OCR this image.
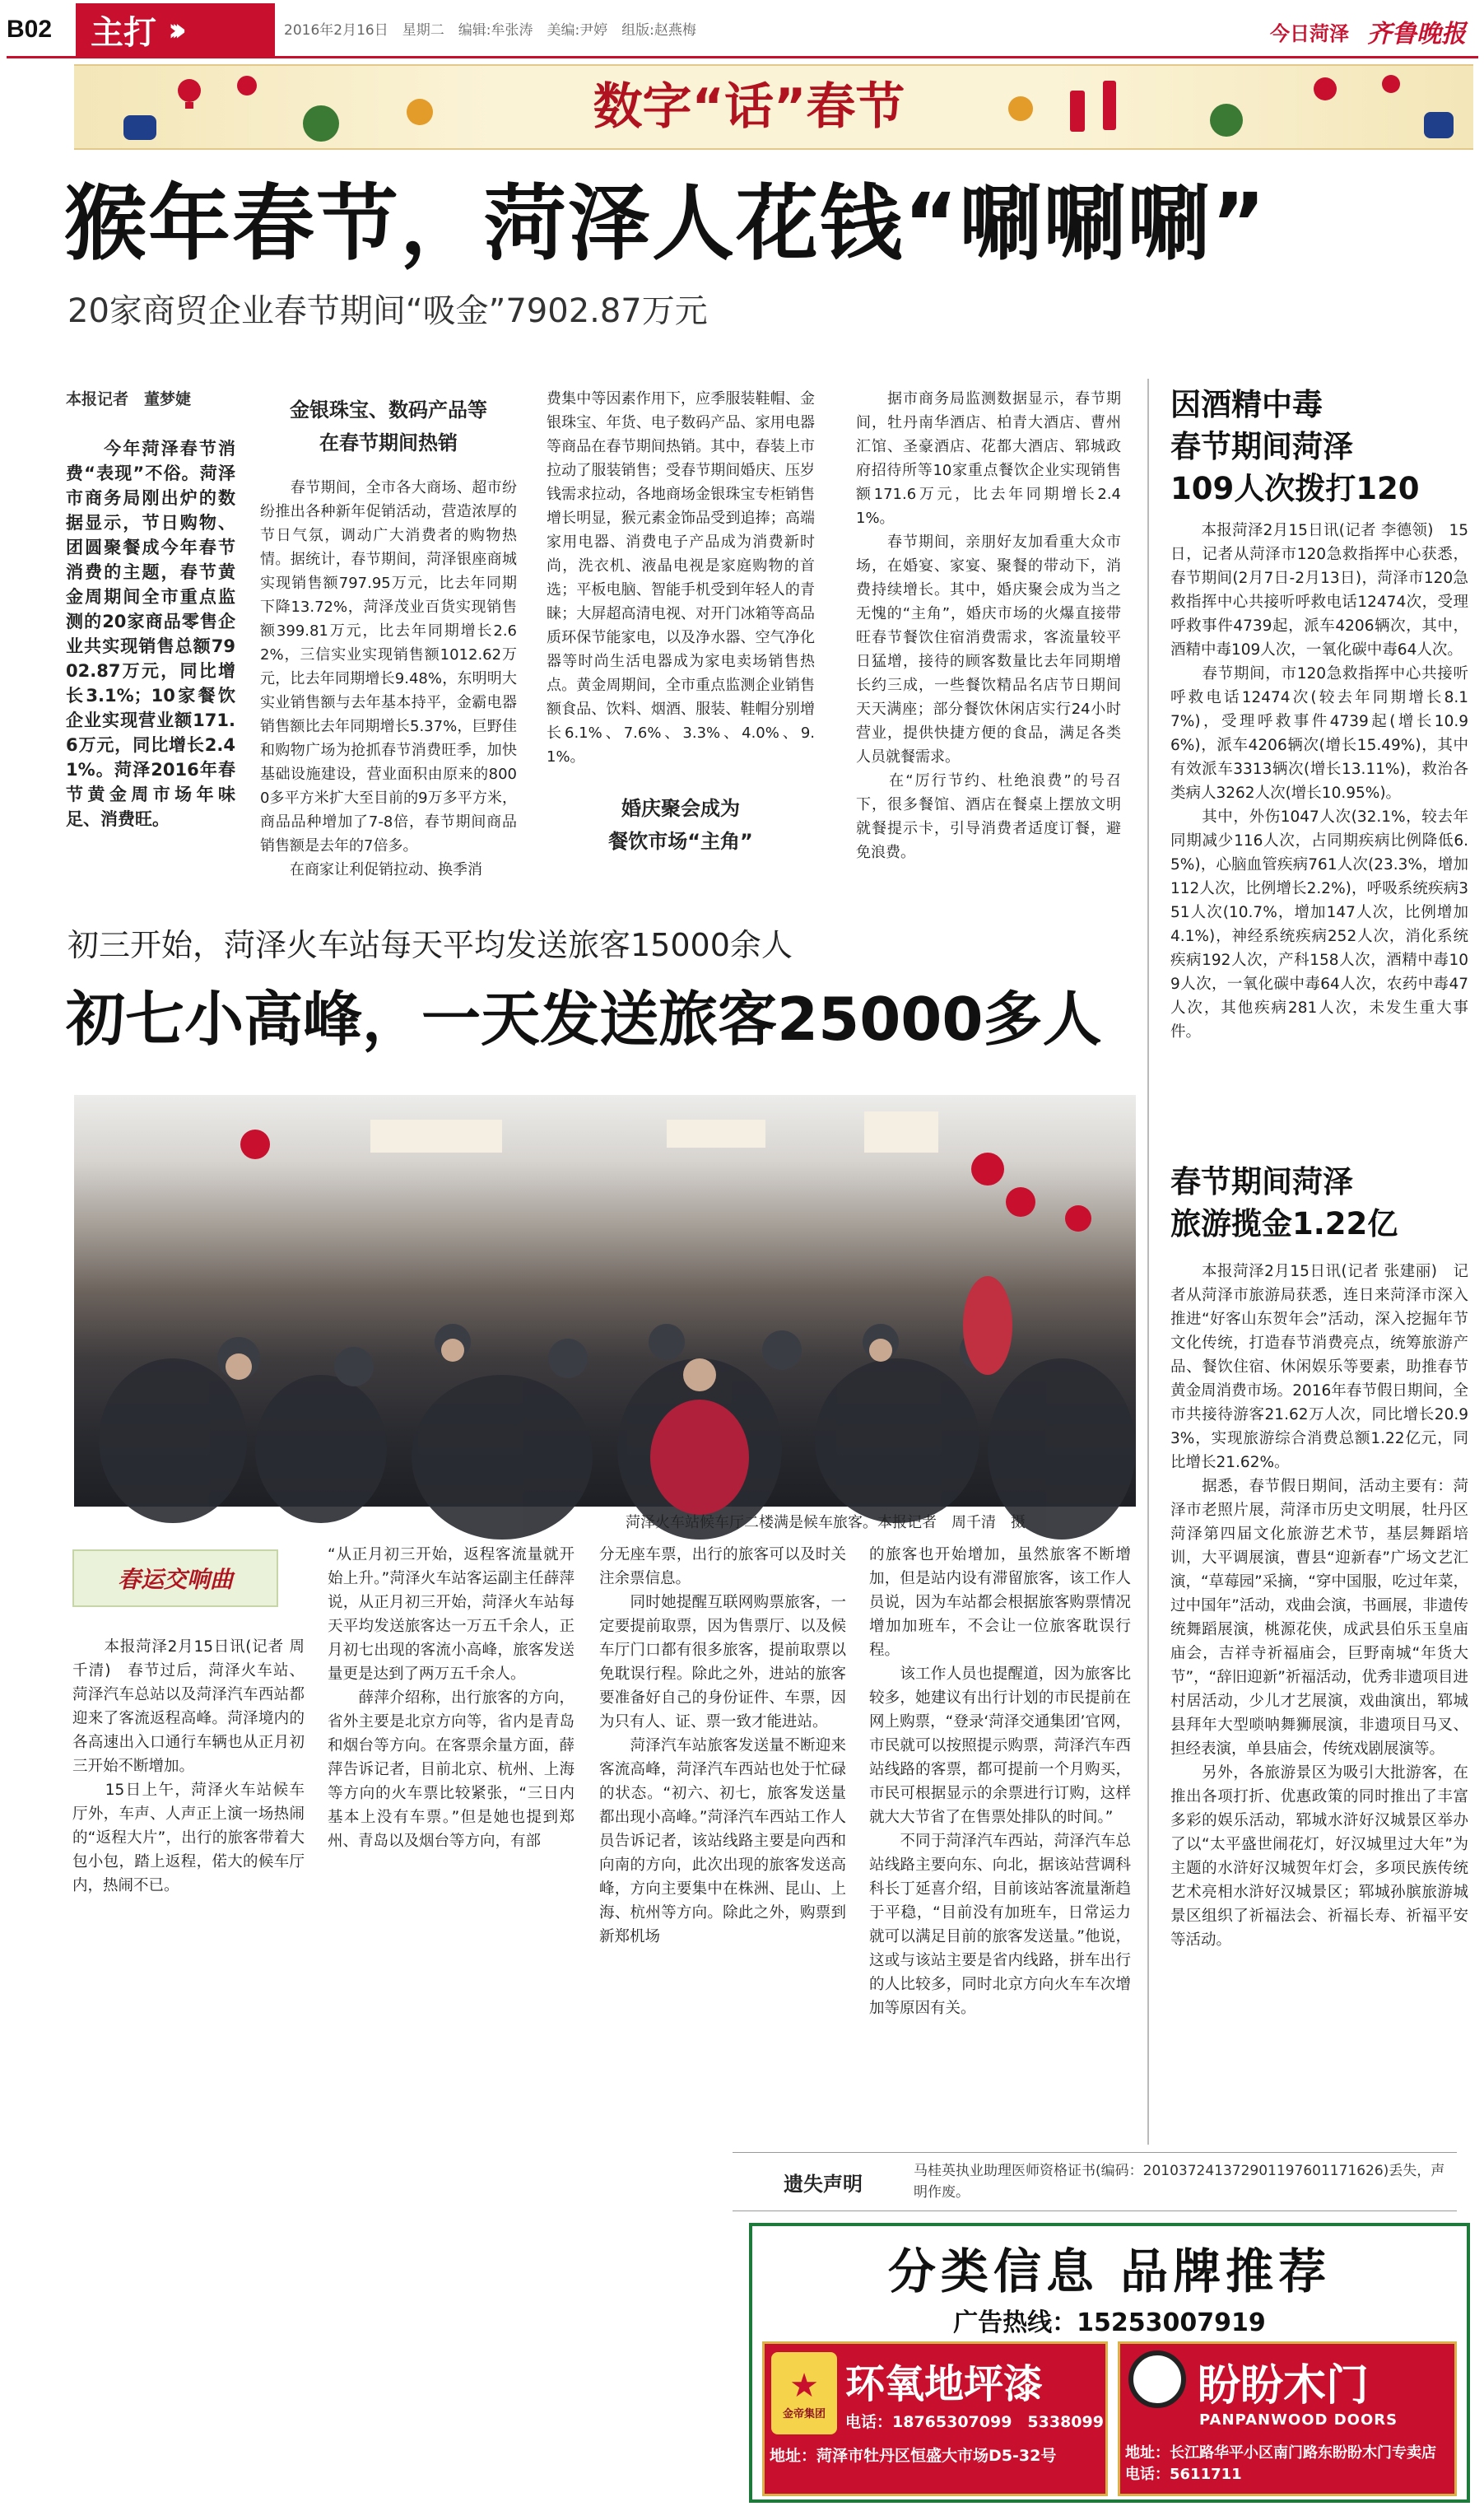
B02	主打 ›››	2016年2月16日　星期二　编辑:牟张涛　美编:尹婷　组版:赵燕梅	今日菏泽 齐鲁晚报
数字“话”春节
猴年春节，菏泽人花钱“唰唰唰”
20家商贸企业春节期间“吸金”7902.87万元
本报记者　董梦婕
　　今年菏泽春节消费“表现”不俗。菏泽市商务局刚出炉的数据显示，节日购物、团圆聚餐成今年春节消费的主题，春节黄金周期间全市重点监测的20家商品零售企业共实现销售总额7902.87万元，同比增长3.1%；10家餐饮企业实现营业额171.6万元，同比增长2.41%。菏泽2016年春节黄金周市场年味足、消费旺。
金银珠宝、数码产品等
在春节期间热销
　　春节期间，全市各大商场、超市纷纷推出各种新年促销活动，营造浓厚的节日气氛，调动广大消费者的购物热情。据统计，春节期间，菏泽银座商城实现销售额797.95万元，比去年同期下降13.72%，菏泽茂业百货实现销售额399.81万元，比去年同期增长2.62%，三信实业实现销售额1012.62万元，比去年同期增长9.48%，东明明大实业销售额与去年基本持平，金霸电器销售额比去年同期增长5.37%，巨野佳和购物广场为抢抓春节消费旺季，加快基础设施建设，营业面积由原来的8000多平方米扩大至目前的9万多平方米，商品品种增加了7-8倍，春节期间商品销售额是去年的7倍多。
　　在商家让利促销拉动、换季消
费集中等因素作用下，应季服装鞋帽、金银珠宝、年货、电子数码产品、家用电器等商品在春节期间热销。其中，春装上市拉动了服装销售；受春节期间婚庆、压岁钱需求拉动，各地商场金银珠宝专柜销售增长明显，猴元素金饰品受到追捧；高端家用电器、消费电子产品成为消费新时尚，洗衣机、液晶电视是家庭购物的首选；平板电脑、智能手机受到年轻人的青睐；大屏超高清电视、对开门冰箱等高品质环保节能家电，以及净水器、空气净化器等时尚生活电器成为家电卖场销售热点。黄金周期间，全市重点监测企业销售额食品、饮料、烟酒、服装、鞋帽分别增长6.1%、7.6%、3.3%、4.0%、9.1%。
婚庆聚会成为
餐饮市场“主角”
　　据市商务局监测数据显示，春节期间，牡丹南华酒店、柏青大酒店、曹州汇馆、圣豪酒店、花都大酒店、郓城政府招待所等10家重点餐饮企业实现销售额171.6万元，比去年同期增长2.41%。
　　春节期间，亲朋好友加看重大众市场，在婚宴、家宴、聚餐的带动下，消费持续增长。其中，婚庆聚会成为当之无愧的“主角”，婚庆市场的火爆直接带旺春节餐饮住宿消费需求，客流量较平日猛增，接待的顾客数量比去年同期增长约三成，一些餐饮精品名店节日期间天天满座；部分餐饮休闲店实行24小时营业，提供快捷方便的食品，满足各类人员就餐需求。
　　在“厉行节约、杜绝浪费”的号召下，很多餐馆、酒店在餐桌上摆放文明就餐提示卡，引导消费者适度订餐，避免浪费。
因酒精中毒
春节期间菏泽
109人次拨打120
　　本报菏泽2月15日讯(记者 李德领)　15日，记者从菏泽市120急救指挥中心获悉，春节期间(2月7日-2月13日)，菏泽市120急救指挥中心共接听呼救电话12474次，受理呼救事件4739起，派车4206辆次，其中，酒精中毒109人次，一氧化碳中毒64人次。
　　春节期间，市120急救指挥中心共接听呼救电话12474次(较去年同期增长8.17%)，受理呼救事件4739起(增长10.96%)，派车4206辆次(增长15.49%)，其中有效派车3313辆次(增长13.11%)，救治各类病人3262人次(增长10.95%)。
　　其中，外伤1047人次(32.1%，较去年同期减少116人次，占同期疾病比例降低6.5%)，心脑血管疾病761人次(23.3%，增加112人次，比例增长2.2%)，呼吸系统疾病351人次(10.7%，增加147人次，比例增加4.1%)，神经系统疾病252人次，消化系统疾病192人次，产科158人次，酒精中毒109人次，一氧化碳中毒64人次，农药中毒47人次，其他疾病281人次，未发生重大事件。
春节期间菏泽
旅游揽金1.22亿
　　本报菏泽2月15日讯(记者 张建丽)　记者从菏泽市旅游局获悉，连日来菏泽市深入推进“好客山东贺年会”活动，深入挖掘年节文化传统，打造春节消费亮点，统筹旅游产品、餐饮住宿、休闲娱乐等要素，助推春节黄金周消费市场。2016年春节假日期间，全市共接待游客21.62万人次，同比增长20.93%，实现旅游综合消费总额1.22亿元，同比增长21.62%。
　　据悉，春节假日期间，活动主要有：菏泽市老照片展，菏泽市历史文明展，牡丹区菏泽第四届文化旅游艺术节，基层舞蹈培训，大平调展演，曹县“迎新春”广场文艺汇演，“草莓园”采摘，“穿中国服，吃过年菜，过中国年”活动，戏曲会演，书画展，非遗传统舞蹈展演，桃源花侠，成武县伯乐玉皇庙庙会，吉祥寺祈福庙会，巨野南城“年货大节”，“辞旧迎新”祈福活动，优秀非遗项目进村居活动，少儿才艺展演，戏曲演出，郓城县拜年大型唢呐舞狮展演，非遗项目马叉、担经表演，单县庙会，传统戏剧展演等。
　　另外，各旅游景区为吸引大批游客，在推出各项打折、优惠政策的同时推出了丰富多彩的娱乐活动，郓城水浒好汉城景区举办了以“太平盛世闹花灯，好汉城里过大年”为主题的水浒好汉城贺年灯会，多项民族传统艺术亮相水浒好汉城景区；郓城孙膑旅游城景区组织了祈福法会、祈福长寿、祈福平安等活动。
初三开始，菏泽火车站每天平均发送旅客15000余人
初七小高峰，一天发送旅客25000多人
菏泽火车站候车厅二楼满是候车旅客。本报记者　周千清　摄
春运交响曲
　　本报菏泽2月15日讯(记者 周千清)　春节过后，菏泽火车站、菏泽汽车总站以及菏泽汽车西站都迎来了客流返程高峰。菏泽境内的各高速出入口通行车辆也从正月初三开始不断增加。
　　15日上午，菏泽火车站候车厅外，车声、人声正上演一场热闹的“返程大片”，出行的旅客带着大包小包，踏上返程，偌大的候车厅内，热闹不已。
“从正月初三开始，返程客流量就开始上升。”菏泽火车站客运副主任薛萍说，从正月初三开始，菏泽火车站每天平均发送旅客达一万五千余人，正月初七出现的客流小高峰，旅客发送量更是达到了两万五千余人。
　　薛萍介绍称，出行旅客的方向，省外主要是北京方向等，省内是青岛和烟台等方向。在客票余量方面，薛萍告诉记者，目前北京、杭州、上海等方向的火车票比较紧张，“三日内基本上没有车票。”但是她也提到郑州、青岛以及烟台等方向，有部
分无座车票，出行的旅客可以及时关注余票信息。
　　同时她提醒互联网购票旅客，一定要提前取票，因为售票厅、以及候车厅门口都有很多旅客，提前取票以免耽误行程。除此之外，进站的旅客要准备好自己的身份证件、车票，因为只有人、证、票一致才能进站。
　　菏泽汽车站旅客发送量不断迎来客流高峰，菏泽汽车西站也处于忙碌的状态。“初六、初七，旅客发送量都出现小高峰。”菏泽汽车西站工作人员告诉记者，该站线路主要是向西和向南的方向，此次出现的旅客发送高峰，方向主要集中在株洲、昆山、上海、杭州等方向。除此之外，购票到新郑机场
的旅客也开始增加，虽然旅客不断增加，但是站内设有滞留旅客，该工作人员说，因为车站都会根据旅客购票情况增加加班车，不会让一位旅客耽误行程。
　　该工作人员也提醒道，因为旅客比较多，她建议有出行计划的市民提前在网上购票，“登录‘菏泽交通集团’官网，市民就可以按照提示购票，菏泽汽车西站线路的客票，都可提前一个月购买，市民可根据显示的余票进行订购，这样就大大节省了在售票处排队的时间。”
　　不同于菏泽汽车西站，菏泽汽车总站线路主要向东、向北，据该站营调科科长丁延喜介绍，目前该站客流量渐趋于平稳，“目前没有加班车，日常运力就可以满足目前的旅客发送量。”他说，这或与该站主要是省内线路，拼车出行的人比较多，同时北京方向火车车次增加等原因有关。
遗失声明
马桂英执业助理医师资格证书(编码：201037241372901197601171626)丢失，声明作废。
分类信息 品牌推荐
广告热线：15253007919
★
金帝集团
环氧地坪漆
电话：18765307099　5338099
地址：菏泽市牡丹区恒盛大市场D5-32号
盼盼木门
PANPANWOOD DOORS
地址：长江路华平小区南门路东盼盼木门专卖店　电话：5611711
